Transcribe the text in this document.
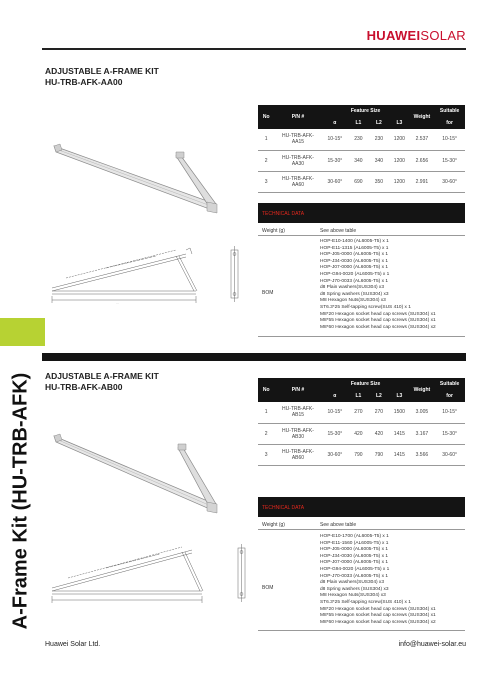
HUAWEISOLAR
A-Frame Kit (HU-TRB-AFK)
ADJUSTABLE A-FRAME KIT
HU-TRB-AFK-AA00
···
No	P/N #	Feature Size				Weight	Suitable
		α	L1	L2	L3		for
1	HU-TRB-AFK-
AA15	10-15°	230	230	1200	2.537	10-15°
2	HU-TRB-AFK-
AA30	15-30°	340	340	1200	2.656	15-30°
3	HU-TRB-AFK-
AA60	30-60°	690	350	1200	2.991	30-60°
TECHNICAL DATA
Weight (g)	See above table
BOM
HOP-E10-1400 (AL6005-T5) x 1
HOP-E11-1315 (AL6005-T5) x 1
HOP-J05-0000 (AL6005-T5) x 1
HOP-J34-0030 (AL6005-T5) x 1
HOP-J07-0000 (AL6005-T5) x 1
HOP-G94-0020 (AL6005-T5) x 1
HOP-J70-0033 (AL6005-T5) x 1
d8 Plain washers(SUS304) x3
d8 Spring washers (SUS304) x3
M8 Hexagon Nuts(SUS304) x3
ST6.3*25 Self-tapping screw(SUS 410) x 1
M8*20 Hexagon socket head cap screws (SUS304) x1
M8*55 Hexagon socket head cap screws (SUS304) x1
M8*60 Hexagon socket head cap screws (SUS304) x2
ADJUSTABLE A-FRAME KIT
HU-TRB-AFK-AB00	No	P/N #	Feature Size				Weight	Suitable
		α	L1	L2	L3		for
1	HU-TRB-AFK-
AB15	10-15°	270	270	1500	3.005	10-15°
2	HU-TRB-AFK-
AB30	15-30°	420	420	1415	3.167	15-30°
3	HU-TRB-AFK-
AB60	30-60°	790	790	1415	3.566	30-60°
TECHNICAL DATA
Weight (g)	See above table
BOM
HOP-E10-1700 (AL6005-T5) x 1
HOP-E11-1560 (AL6005-T5) x 1
HOP-J05-0000 (AL6005-T5) x 1
HOP-J34-0030 (AL6005-T5) x 1
HOP-J07-0000 (AL6005-T5) x 1
HOP-G94-0020 (AL6005-T5) x 1
HOP-J70-0033 (AL6005-T5) x 1
d8 Plain washers(SUS304) x3
d8 Spring washers (SUS304) x3
M8 Hexagon Nuts(SUS304) x3
ST6.3*25 Self-tapping screw(SUS 410) x 1
M8*20 Hexagon socket head cap screws (SUS304) x1
M8*55 Hexagon socket head cap screws (SUS304) x1
M8*60 Hexagon socket head cap screws (SUS304) x2
Huawei Solar Ltd.	info@huawei-solar.eu
